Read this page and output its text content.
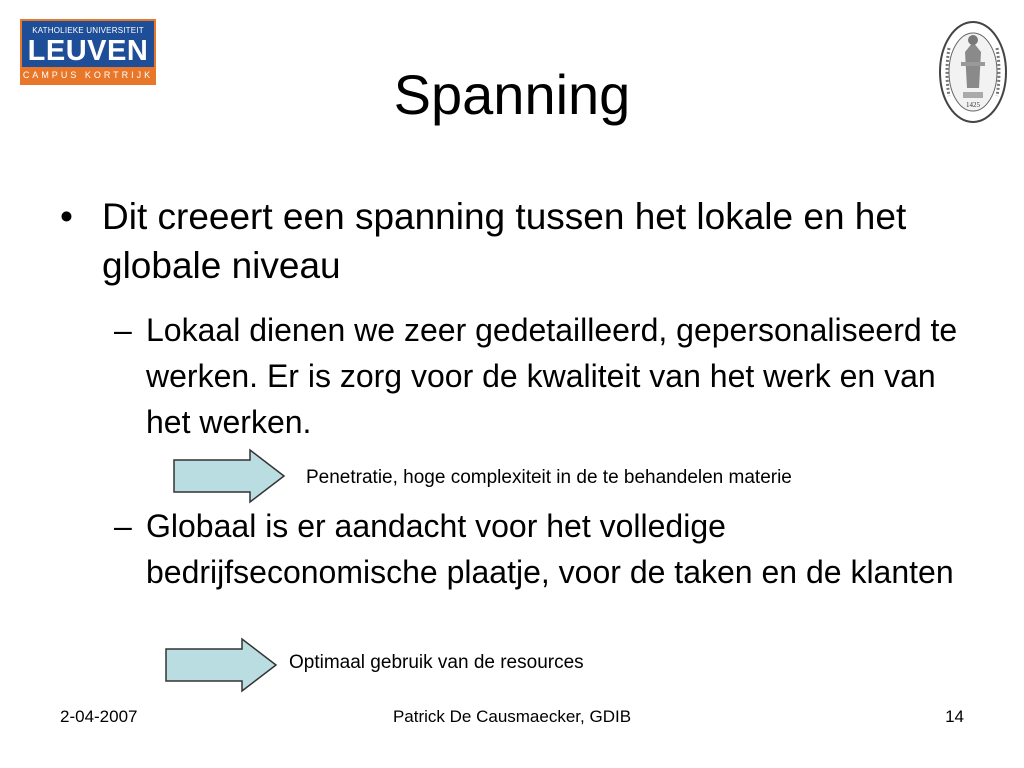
KATHOLIEKE UNIVERSITEIT
LEUVEN
CAMPUS KORTRIJK
1425
Spanning
• Dit creeert een spanning tussen het lokale en het globale niveau
– Lokaal dienen we zeer gedetailleerd, gepersonaliseerd te werken. Er is zorg voor de kwaliteit van het werk en van het werken.
Penetratie, hoge complexiteit in de te behandelen materie
– Globaal is er aandacht voor het volledige bedrijfseconomische plaatje, voor de taken en de klanten
Optimaal gebruik van de resources
2-04-2007	Patrick De Causmaecker, GDIB	14
